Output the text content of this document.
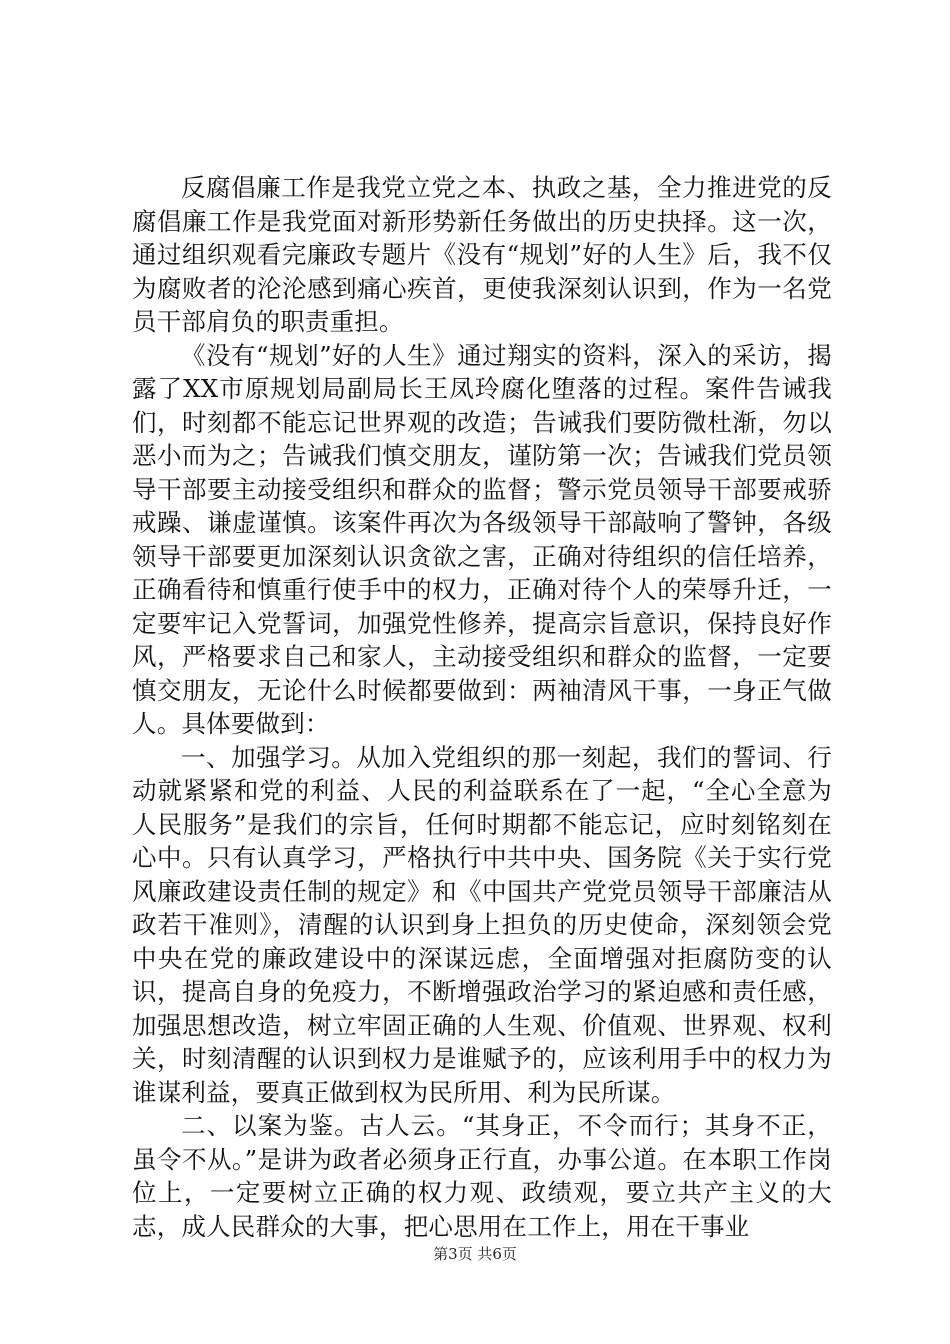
反腐倡廉工作是我党立党之本、执政之基，全力推进党的反腐倡廉工作是我党面对新形势新任务做出的历史抉择。这一次，通过组织观看完廉政专题片《没有“规划”好的人生》后，我不仅为腐败者的沦沦感到痛心疾首，更使我深刻认识到，作为一名党员干部肩负的职责重担。

《没有“规划”好的人生》通过翔实的资料，深入的采访，揭露了XX市原规划局副局长王凤玲腐化堕落的过程。案件告诫我们，时刻都不能忘记世界观的改造；告诫我们要防微杜渐，勿以恶小而为之；告诫我们慎交朋友，谨防第一次；告诫我们党员领导干部要主动接受组织和群众的监督；警示党员领导干部要戒骄戒躁、谦虚谨慎。该案件再次为各级领导干部敲响了警钟，各级领导干部要更加深刻认识贪欲之害，正确对待组织的信任培养，正确看待和慎重行使手中的权力，正确对待个人的荣辱升迁，一定要牢记入党誓词，加强党性修养，提高宗旨意识，保持良好作风，严格要求自己和家人，主动接受组织和群众的监督，一定要慎交朋友，无论什么时候都要做到：两袖清风干事，一身正气做人。具体要做到：

一、加强学习。从加入党组织的那一刻起，我们的誓词、行动就紧紧和党的利益、人民的利益联系在了一起，“全心全意为人民服务”是我们的宗旨，任何时期都不能忘记，应时刻铭刻在心中。只有认真学习，严格执行中共中央、国务院《关于实行党风廉政建设责任制的规定》和《中国共产党党员领导干部廉洁从政若干准则》，清醒的认识到身上担负的历史使命，深刻领会党中央在党的廉政建设中的深谋远虑，全面增强对拒腐防变的认识，提高自身的免疫力，不断增强政治学习的紧迫感和责任感，加强思想改造，树立牢固正确的人生观、价值观、世界观、权利关，时刻清醒的认识到权力是谁赋予的，应该利用手中的权力为谁谋利益，要真正做到权为民所用、利为民所谋。

二、以案为鉴。古人云。“其身正，不令而行；其身不正，虽令不从。”是讲为政者必须身正行直，办事公道。在本职工作岗位上，一定要树立正确的权力观、政绩观，要立共产主义的大志，成人民群众的大事，把心思用在工作上，用在干事业

第3页 共6页
